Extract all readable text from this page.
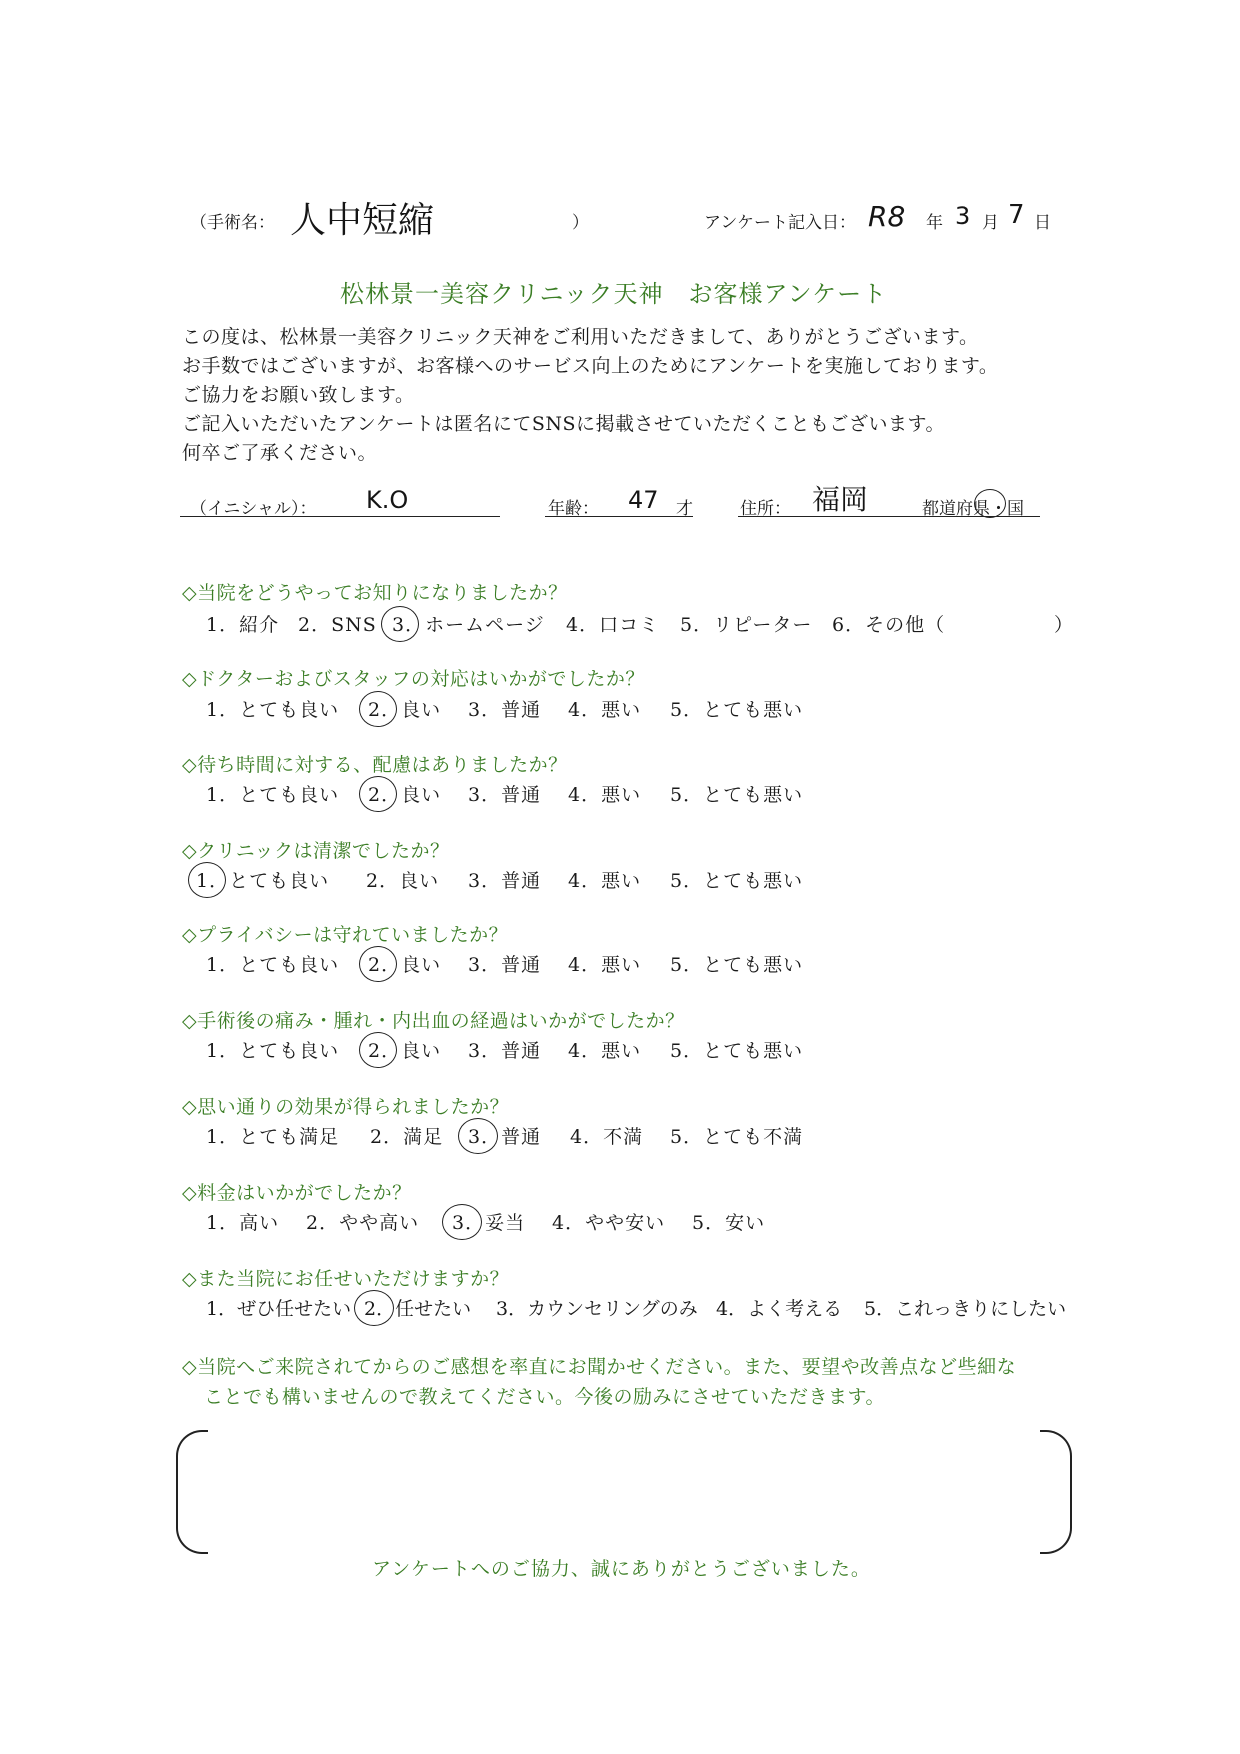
（手術名： 人中短縮	）	アンケート記入日： R8 年 3 月 7 日
松林景一美容クリニック天神　お客様アンケート
この度は、松林景一美容クリニック天神をご利用いただきまして、ありがとうございます。
お手数ではございますが、お客様へのサービス向上のためにアンケートを実施しております。
ご協力をお願い致します。
ご記入いただいたアンケートは匿名にてSNSに掲載させていただくこともございます。
何卒ご了承ください。
（イニシャル）： K.O	年齢： 47 才	住所： 福岡	都道府県・国
◇当院をどうやってお知りになりましたか？
1．紹介 2．SNS 3．ホームページ 4．口コミ 5．リピーター 6．その他（	）
◇ドクターおよびスタッフの対応はいかがでしたか？
1．とても良い 2．良い 3．普通 4．悪い 5．とても悪い
◇待ち時間に対する、配慮はありましたか？
1．とても良い 2．良い 3．普通 4．悪い 5．とても悪い
◇クリニックは清潔でしたか？
1．とても良い 2．良い 3．普通 4．悪い 5．とても悪い
◇プライバシーは守れていましたか？
1．とても良い 2．良い 3．普通 4．悪い 5．とても悪い
◇手術後の痛み・腫れ・内出血の経過はいかがでしたか？
1．とても良い 2．良い 3．普通 4．悪い 5．とても悪い
◇思い通りの効果が得られましたか？
1．とても満足 2．満足 3．普通 4．不満 5．とても不満
◇料金はいかがでしたか？
1．高い 2．やや高い 3．妥当 4．やや安い 5．安い
◇また当院にお任せいただけますか？
1．ぜひ任せたい 2．任せたい 3．カウンセリングのみ 4．よく考える 5．これっきりにしたい
◇当院へご来院されてからのご感想を率直にお聞かせください。また、要望や改善点など些細な
ことでも構いませんので教えてください。今後の励みにさせていただきます。
アンケートへのご協力、誠にありがとうございました。
